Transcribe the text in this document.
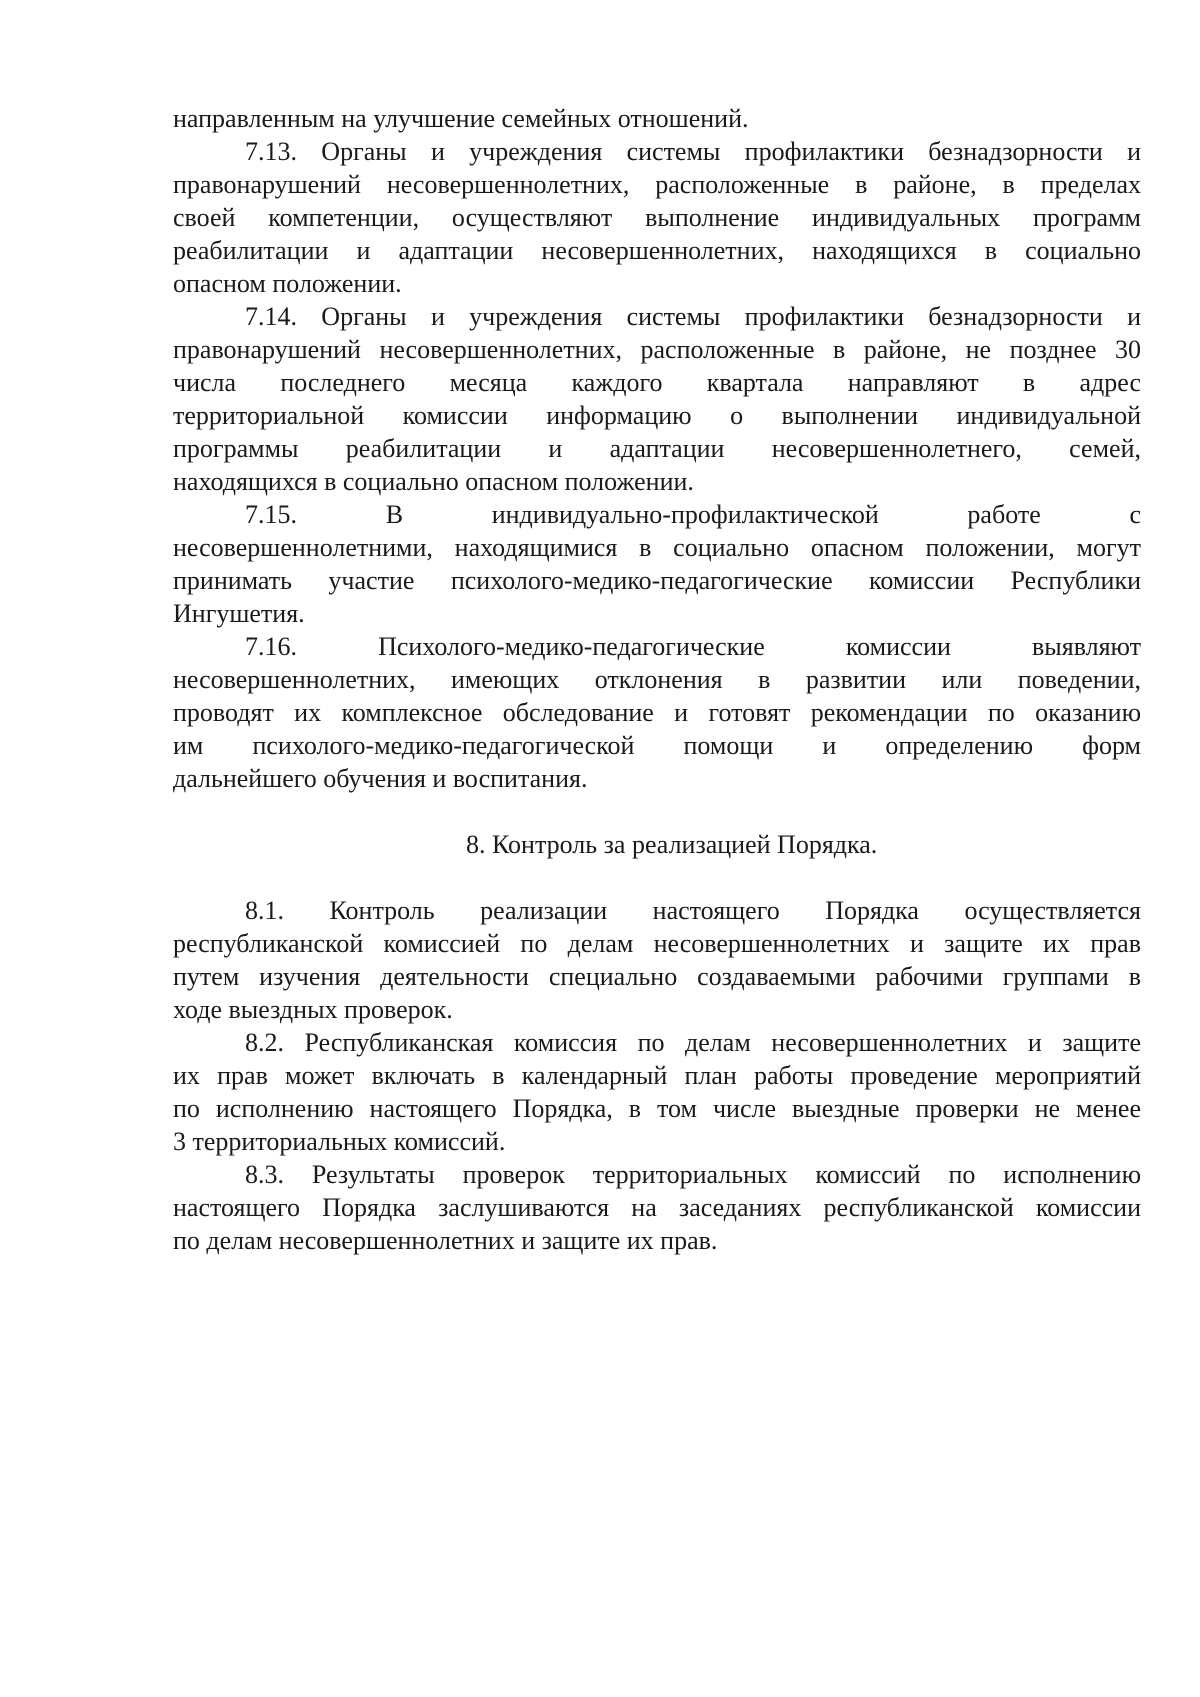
направленным на улучшение семейных отношений.
7.13. Органы и учреждения системы профилактики безнадзорности и
правонарушений несовершеннолетних, расположенные в районе, в пределах
своей компетенции, осуществляют выполнение индивидуальных программ
реабилитации и адаптации несовершеннолетних, находящихся в социально
опасном положении.
7.14. Органы и учреждения системы профилактики безнадзорности и
правонарушений несовершеннолетних, расположенные в районе, не позднее 30
числа последнего месяца каждого квартала направляют в адрес
территориальной комиссии информацию о выполнении индивидуальной
программы реабилитации и адаптации несовершеннолетнего, семей,
находящихся в социально опасном положении.
7.15. В индивидуально-профилактической работе с
несовершеннолетними, находящимися в социально опасном положении, могут
принимать участие психолого-медико-педагогические комиссии Республики
Ингушетия.
7.16. Психолого-медико-педагогические комиссии выявляют
несовершеннолетних, имеющих отклонения в развитии или поведении,
проводят их комплексное обследование и готовят рекомендации по оказанию
им психолого-медико-педагогической помощи и определению форм
дальнейшего обучения и воспитания.
8. Контроль за реализацией Порядка.
8.1. Контроль реализации настоящего Порядка осуществляется
республиканской комиссией по делам несовершеннолетних и защите их прав
путем изучения деятельности специально создаваемыми рабочими группами в
ходе выездных проверок.
8.2. Республиканская комиссия по делам несовершеннолетних и защите
их прав может включать в календарный план работы проведение мероприятий
по исполнению настоящего Порядка, в том числе выездные проверки не менее
3 территориальных комиссий.
8.3. Результаты проверок территориальных комиссий по исполнению
настоящего Порядка заслушиваются на заседаниях республиканской комиссии
по делам несовершеннолетних и защите их прав.
